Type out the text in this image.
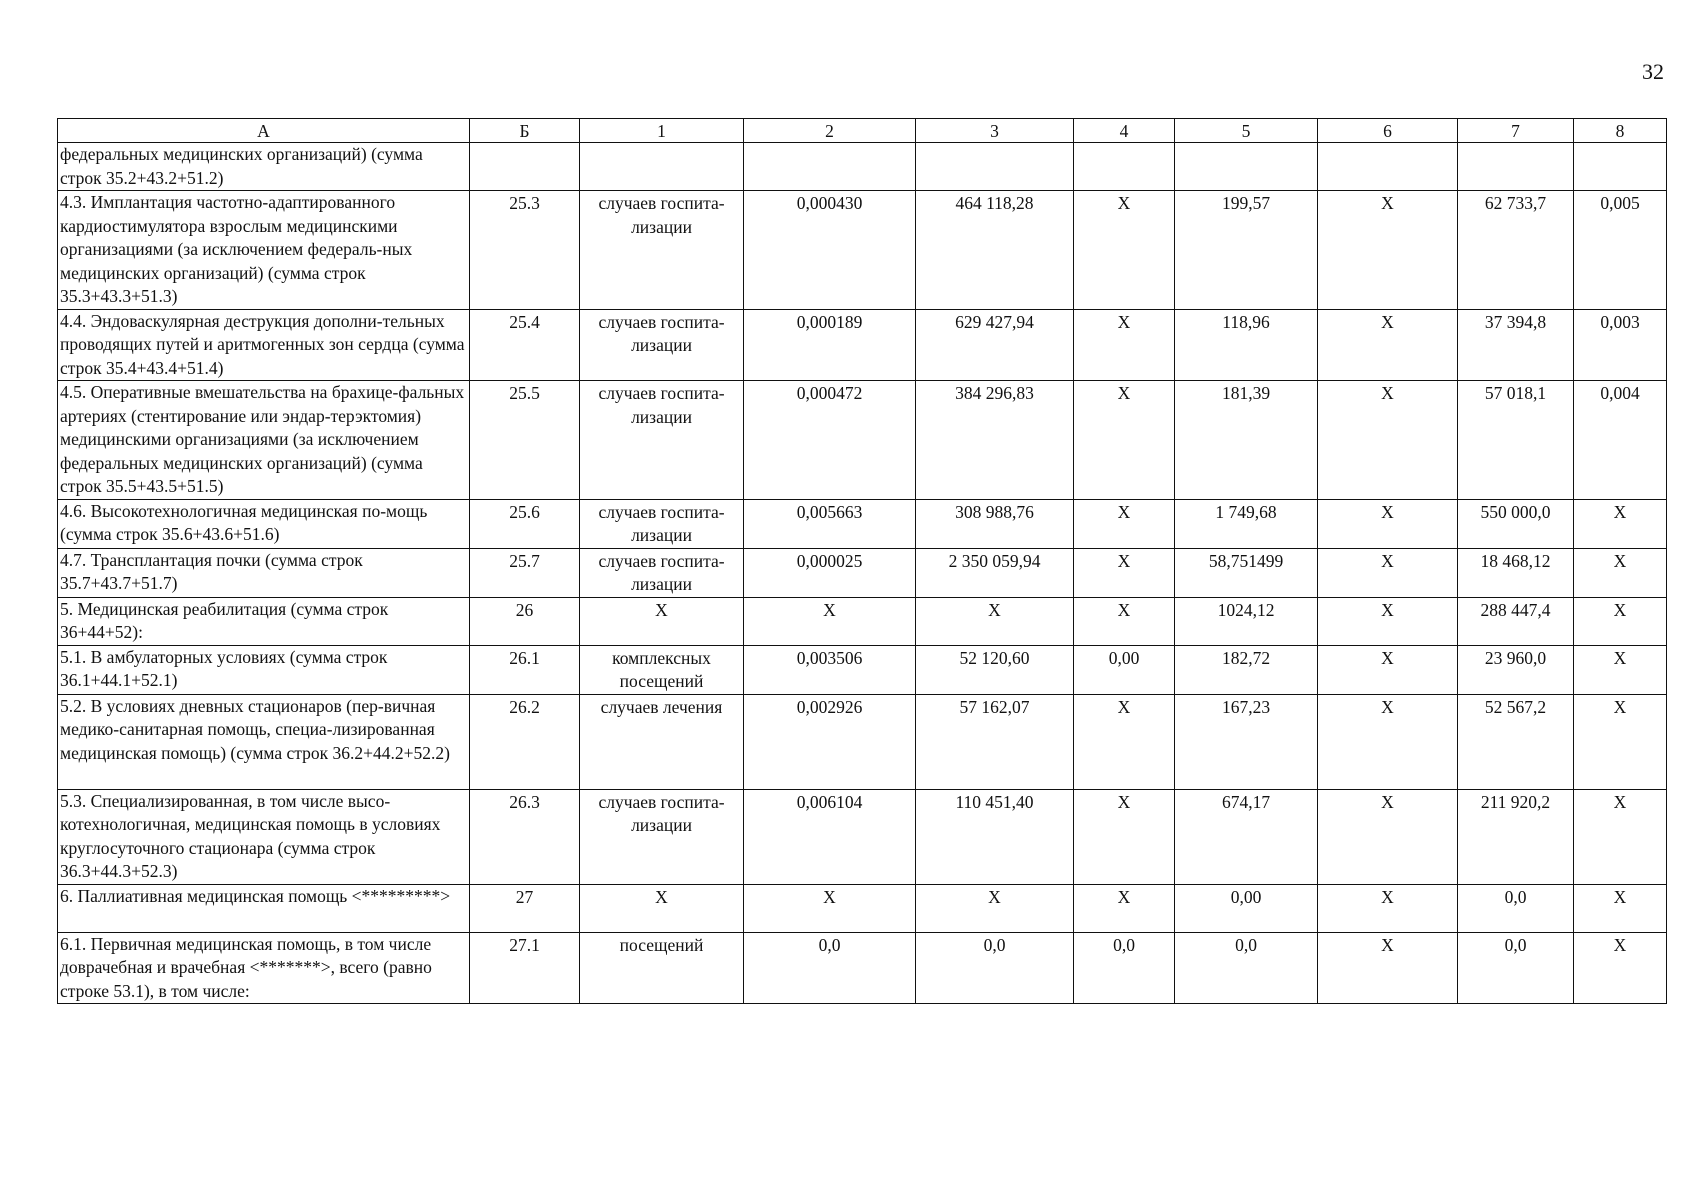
32
А	Б	1	2	3	4	5	6	7	8
федеральных медицинских организаций) (сумма строк 35.2+43.2+51.2)									
4.3. Имплантация частотно-адаптированного кардиостимулятора взрослым медицинскими организациями (за исключением федераль-ных медицинских организаций) (сумма строк 35.3+43.3+51.3)	25.3	случаев госпита-лизации	0,000430	464 118,28	X	199,57	X	62 733,7	0,005
4.4. Эндоваскулярная деструкция дополни-тельных проводящих путей и аритмогенных зон сердца (сумма строк 35.4+43.4+51.4)	25.4	случаев госпита-лизации	0,000189	629 427,94	X	118,96	X	37 394,8	0,003
4.5. Оперативные вмешательства на брахице-фальных артериях (стентирование или эндар-терэктомия) медицинскими организациями (за исключением федеральных медицинских организаций) (сумма строк 35.5+43.5+51.5)	25.5	случаев госпита-лизации	0,000472	384 296,83	X	181,39	X	57 018,1	0,004
4.6. Высокотехнологичная медицинская по-мощь (сумма строк 35.6+43.6+51.6)	25.6	случаев госпита-лизации	0,005663	308 988,76	X	1 749,68	X	550 000,0	X
4.7. Трансплантация почки (сумма строк 35.7+43.7+51.7)	25.7	случаев госпита-лизации	0,000025	2 350 059,94	X	58,751499	X	18 468,12	X
5. Медицинская реабилитация (сумма строк 36+44+52):	26	X	X	X	X	1024,12	X	288 447,4	X
5.1. В амбулаторных условиях (сумма строк 36.1+44.1+52.1)	26.1	комплексных посещений	0,003506	52 120,60	0,00	182,72	X	23 960,0	X
5.2. В условиях дневных стационаров (пер-вичная медико-санитарная помощь, специа-лизированная медицинская помощь) (сумма строк 36.2+44.2+52.2)	26.2	случаев лечения	0,002926	57 162,07	X	167,23	X	52 567,2	X
5.3. Специализированная, в том числе высо-котехнологичная, медицинская помощь в условиях круглосуточного стационара (сумма строк 36.3+44.3+52.3)	26.3	случаев госпита-лизации	0,006104	110 451,40	X	674,17	X	211 920,2	X
6. Паллиативная медицинская помощь <*********>	27	X	X	X	X	0,00	X	0,0	X
6.1. Первичная медицинская помощь, в том числе доврачебная и врачебная <*******>, всего (равно строке 53.1), в том числе:	27.1	посещений	0,0	0,0	0,0	0,0	X	0,0	X
